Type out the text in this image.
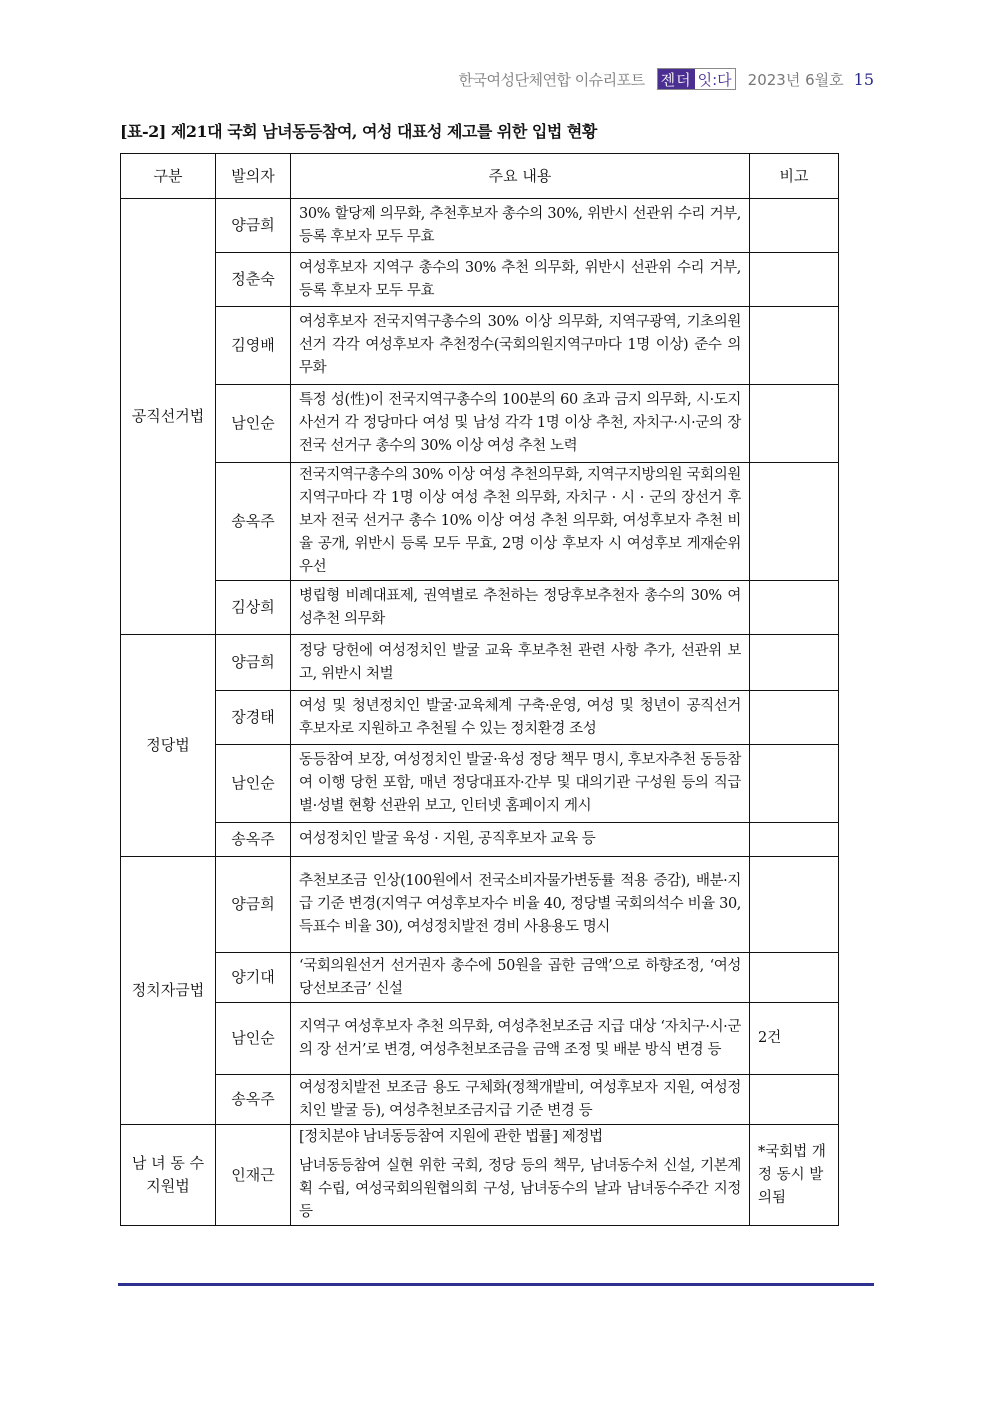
한국여성단체연합 이슈리포트 젠더 잇:다 2023년 6월호 15
[표-2] 제21대 국회 남녀동등참여, 여성 대표성 제고를 위한 입법 현황
구분	발의자	주요 내용	비고
공직선거법	양금희	30% 할당제 의무화, 추천후보자 총수의 30%, 위반시 선관위 수리 거부, 등록 후보자 모두 무효	
	정춘숙	여성후보자 지역구 총수의 30% 추천 의무화, 위반시 선관위 수리 거부, 등록 후보자 모두 무효	
	김영배	여성후보자 전국지역구총수의 30% 이상 의무화, 지역구광역, 기초의원선거 각각 여성후보자 추천정수(국회의원지역구마다 1명 이상) 준수 의무화	
	남인순	특정 성(性)이 전국지역구총수의 100분의 60 초과 금지 의무화, 시·도지사선거 각 정당마다 여성 및 남성 각각 1명 이상 추천, 자치구·시·군의 장 전국 선거구 총수의 30% 이상 여성 추천 노력	
	송옥주	전국지역구총수의 30% 이상 여성 추천의무화, 지역구지방의원 국회의원지역구마다 각 1명 이상 여성 추천 의무화, 자치구 · 시 · 군의 장선거 후보자 전국 선거구 총수 10% 이상 여성 추천 의무화, 여성후보자 추천 비율 공개, 위반시 등록 모두 무효, 2명 이상 후보자 시 여성후보 게재순위 우선	
	김상희	병립형 비례대표제, 권역별로 추천하는 정당후보추천자 총수의 30% 여성추천 의무화	
정당법	양금희	정당 당헌에 여성정치인 발굴 교육 후보추천 관련 사항 추가, 선관위 보고, 위반시 처벌	
	장경태	여성 및 청년정치인 발굴·교육체계 구축·운영, 여성 및 청년이 공직선거 후보자로 지원하고 추천될 수 있는 정치환경 조성	
	남인순	동등참여 보장, 여성정치인 발굴·육성 정당 책무 명시, 후보자추천 동등참여 이행 당헌 포함, 매년 정당대표자·간부 및 대의기관 구성원 등의 직급별·성별 현황 선관위 보고, 인터넷 홈페이지 게시	
	송옥주	여성정치인 발굴 육성 · 지원, 공직후보자 교육 등	
정치자금법	양금희	추천보조금 인상(100원에서 전국소비자물가변동률 적용 증감), 배분·지급 기준 변경(지역구 여성후보자수 비율 40, 정당별 국회의석수 비율 30, 득표수 비율 30), 여성정치발전 경비 사용용도 명시	
	양기대	‘국회의원선거 선거권자 총수에 50원을 곱한 금액’으로 하향조정, ‘여성당선보조금’ 신설	
	남인순	지역구 여성후보자 추천 의무화, 여성추천보조금 지급 대상 ‘자치구·시·군의 장 선거’로 변경, 여성추천보조금을 금액 조정 및 배분 방식 변경 등	2건
	송옥주	여성정치발전 보조금 용도 구체화(정책개발비, 여성후보자 지원, 여성정치인 발굴 등), 여성추천보조금지급 기준 변경 등	
남 녀 동 수 지원법	인재근	[정치분야 남녀동등참여 지원에 관한 법률] 제정법
남녀동등참여 실현 위한 국회, 정당 등의 책무, 남녀동수처 신설, 기본계획 수립, 여성국회의원협의회 구성, 남녀동수의 날과 남녀동수주간 지정 등	*국회법 개정 동시 발의됨
